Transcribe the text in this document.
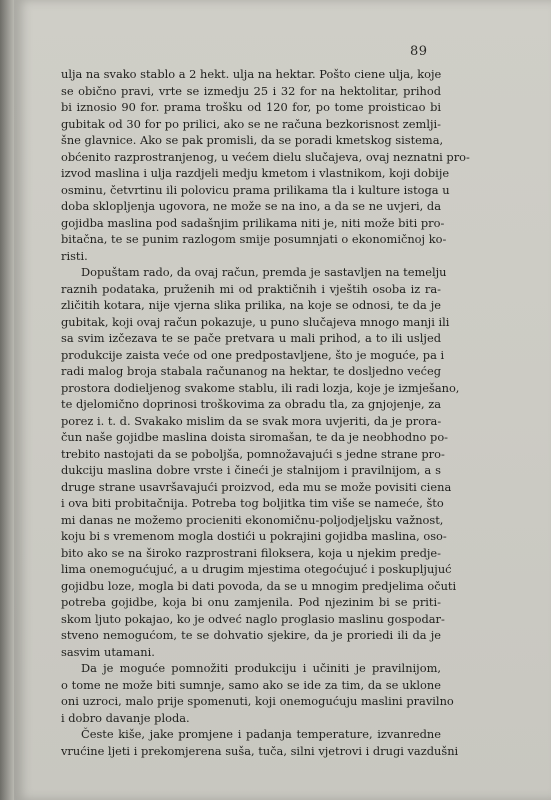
89
ulja na svako stablo a 2 hekt. ulja na hektar. Pošto ciene ulja, koje
se obično pravi, vrte se izmedju 25 i 32 for na hektolitar, prihod
bi iznosio 90 for. prama trošku od 120 for, po tome proisticao bi
gubitak od 30 for po prilici, ako se ne računa bezkorisnost zemlji-
šne glavnice. Ako se pak promisli, da se poradi kmetskog sistema,
obćenito razprostranjenog, u većem dielu slučajeva, ovaj neznatni pro-
izvod maslina i ulja razdjeli medju kmetom i vlastnikom, koji dobije
osminu, četvrtinu ili polovicu prama prilikama tla i kulture istoga u
doba sklopljenja ugovora, ne može se na ino, a da se ne uvjeri, da
gojidba maslina pod sadašnjim prilikama niti je, niti može biti pro-
bitačna, te se punim razlogom smije posumnjati o ekonomičnoj ko-
risti.
Dopuštam rado, da ovaj račun, premda je sastavljen na temelju
raznih podataka, pruženih mi od praktičnih i vještih osoba iz ra-
zličitih kotara, nije vjerna slika prilika, na koje se odnosi, te da je
gubitak, koji ovaj račun pokazuje, u puno slučajeva mnogo manji ili
sa svim izčezava te se pače pretvara u mali prihod, a to ili usljed
produkcije zaista veće od one predpostavljene, što je moguće, pa i
radi malog broja stabala računanog na hektar, te dosljedno većeg
prostora dodieljenog svakome stablu, ili radi lozja, koje je izmješano,
te djelomično doprinosi troškovima za obradu tla, za gnjojenje, za
porez i. t. d. Svakako mislim da se svak mora uvjeriti, da je prora-
čun naše gojidbe maslina doista siromašan, te da je neobhodno po-
trebito nastojati da se poboljša, pomnožavajući s jedne strane pro-
dukciju maslina dobre vrste i čineći je stalnijom i pravilnijom, a s
druge strane usavršavajući proizvod, eda mu se može povisiti ciena
i ova biti probitačnija. Potreba tog boljitka tim više se nameće, što
mi danas ne možemo procieniti ekonomičnu-poljodjeljsku važnost,
koju bi s vremenom mogla dostići u pokrajini gojidba maslina, oso-
bito ako se na široko razprostrani filoksera, koja u njekim predje-
lima onemogućujuć, a u drugim mjestima otegoćujuć i poskupljujuć
gojidbu loze, mogla bi dati povoda, da se u mnogim predjelima očuti
potreba gojidbe, koja bi onu zamjenila. Pod njezinim bi se priti-
skom ljuto pokajao, ko je odveć naglo proglasio maslinu gospodar-
stveno nemogućom, te se dohvatio sjekire, da je proriedi ili da je
sasvim utamani.
Da je moguće pomnožiti produkciju i učiniti je pravilnijom,
o tome ne može biti sumnje, samo ako se ide za tim, da se uklone
oni uzroci, malo prije spomenuti, koji onemogućuju maslini pravilno
i dobro davanje ploda.
Česte kiše, jake promjene i padanja temperature, izvanredne
vrućine ljeti i prekomjerena suša, tuča, silni vjetrovi i drugi vazdušni
